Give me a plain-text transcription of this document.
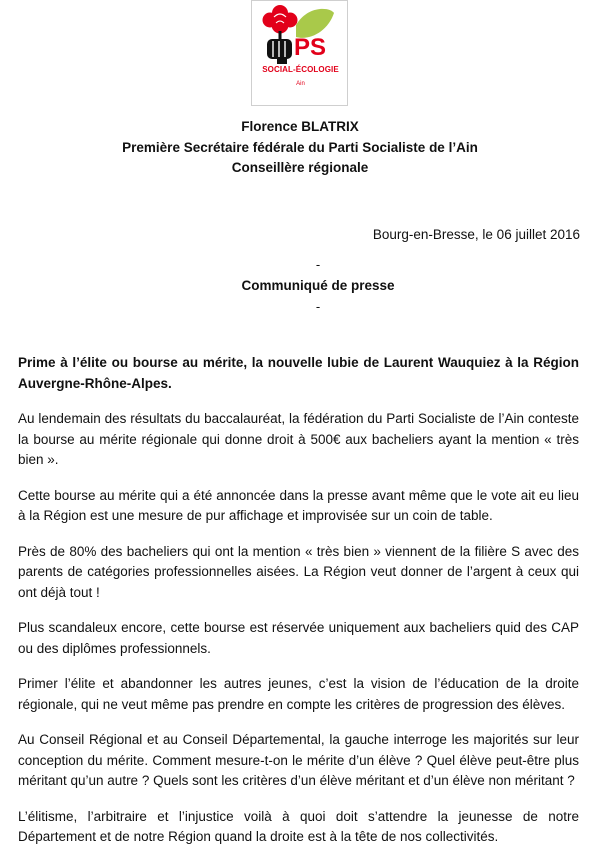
PS
SOCIAL-ÉCOLOGIE
Ain
Florence BLATRIX
Première Secrétaire fédérale du Parti Socialiste de l’Ain
Conseillère régionale
Bourg-en-Bresse, le 06 juillet 2016
-
Communiqué de presse
-

Prime à l’élite ou bourse au mérite, la nouvelle lubie de Laurent Wauquiez à la Région Auvergne-Rhône-Alpes.

Au lendemain des résultats du baccalauréat, la fédération du Parti Socialiste de l’Ain conteste la bourse au mérite régionale qui donne droit à 500€ aux bacheliers ayant la mention « très bien ».

Cette bourse au mérite qui a été annoncée dans la presse avant même que le vote ait eu lieu à la Région est une mesure de pur affichage et improvisée sur un coin de table.

Près de 80% des bacheliers qui ont la mention « très bien » viennent de la filière S avec des parents de catégories professionnelles aisées. La Région veut donner de l’argent à ceux qui ont déjà tout !

Plus scandaleux encore, cette bourse est réservée uniquement aux bacheliers quid des CAP ou des diplômes professionnels.

Primer l’élite et abandonner les autres jeunes, c’est la vision de l’éducation de la droite régionale, qui ne veut même pas prendre en compte les critères de progression des élèves.

Au Conseil Régional et au Conseil Départemental, la gauche interroge les majorités sur leur conception du mérite. Comment mesure-t-on le mérite d’un élève ? Quel élève peut-être plus méritant qu’un autre ? Quels sont les critères d’un élève méritant et d’un élève non méritant ?

L’élitisme, l’arbitraire et l’injustice voilà à quoi doit s’attendre la jeunesse de notre Département et de notre Région quand la droite est à la tête de nos collectivités.
